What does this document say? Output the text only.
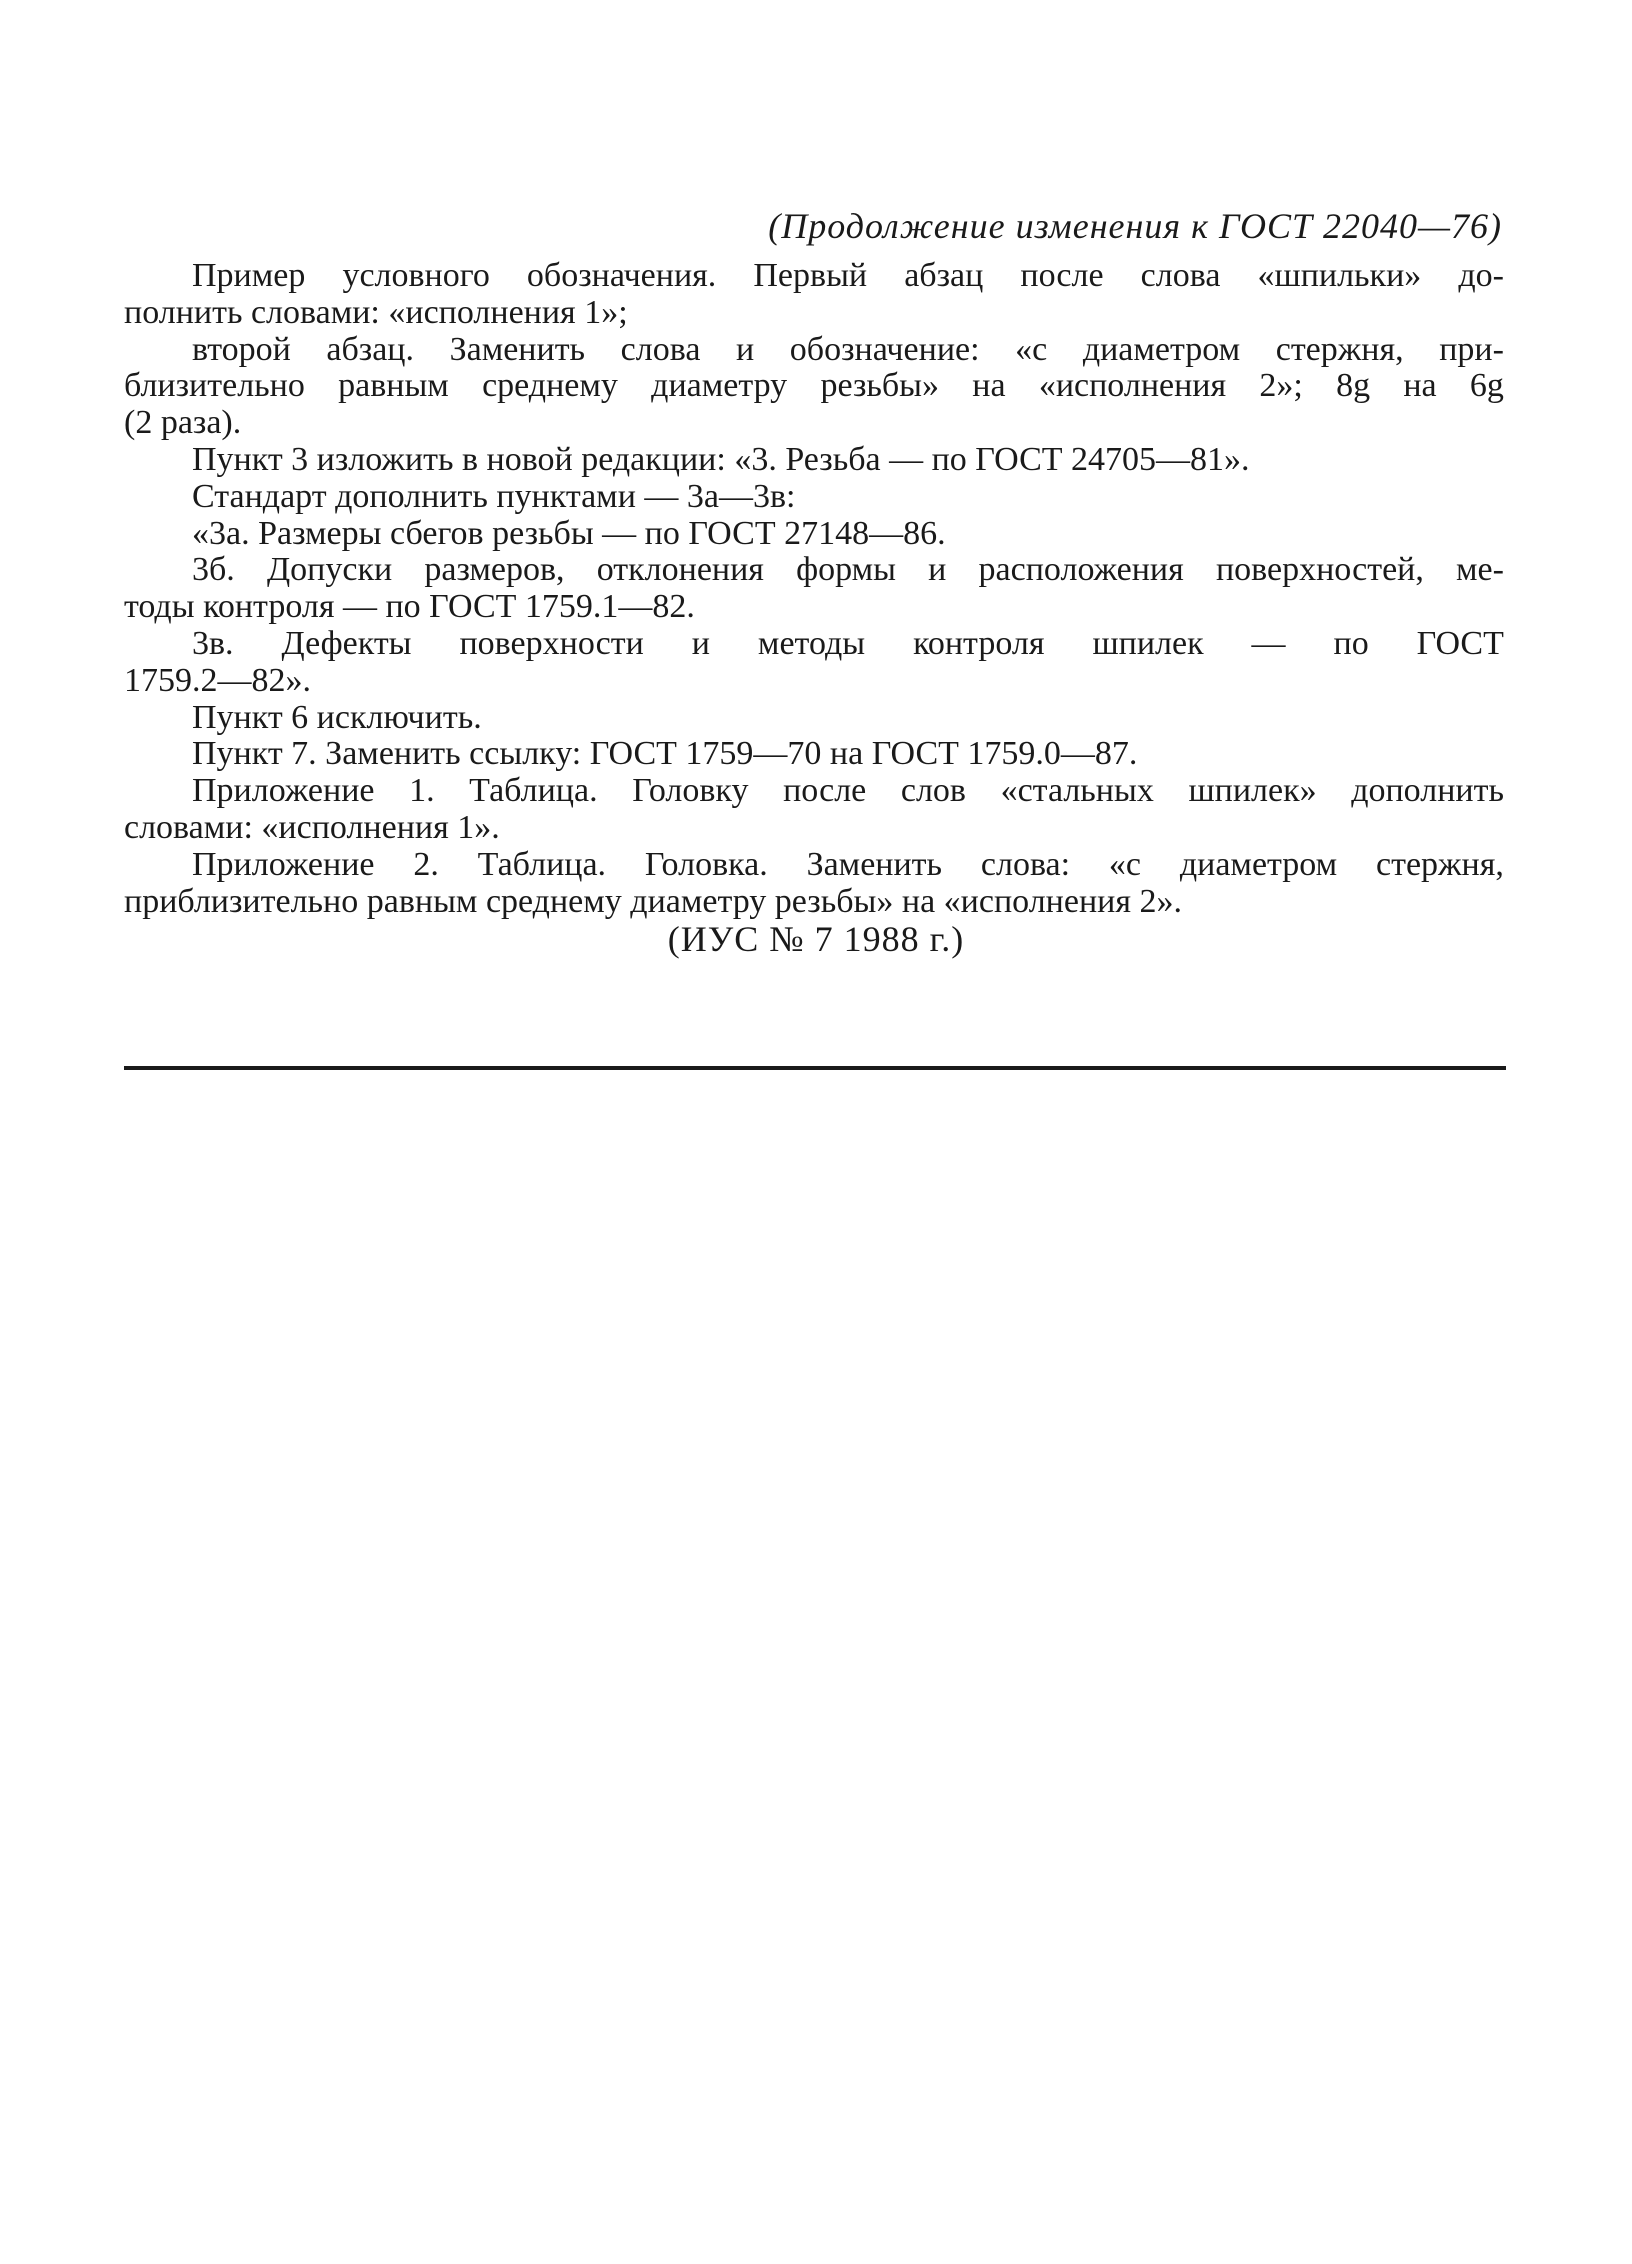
(Продолжение изменения к ГОСТ 22040—76)
Пример условного обозначения. Первый абзац после слова «шпильки» до-
полнить словами: «исполнения 1»;
второй абзац. Заменить слова и обозначение: «с диаметром стержня, при-
близительно равным среднему диаметру резьбы» на «исполнения 2»; 8g на 6g
(2 раза).
Пункт 3 изложить в новой редакции: «3. Резьба — по ГОСТ 24705—81».
Стандарт дополнить пунктами — 3а—3в:
«3а. Размеры сбегов резьбы — по ГОСТ 27148—86.
3б. Допуски размеров, отклонения формы и расположения поверхностей, ме-
тоды контроля — по ГОСТ 1759.1—82.
3в. Дефекты поверхности и методы контроля шпилек — по ГОСТ
1759.2—82».
Пункт 6 исключить.
Пункт 7. Заменить ссылку: ГОСТ 1759—70 на ГОСТ 1759.0—87.
Приложение 1. Таблица. Головку после слов «стальных шпилек» дополнить
словами: «исполнения 1».
Приложение 2. Таблица. Головка. Заменить слова: «с диаметром стержня,
приблизительно равным среднему диаметру резьбы» на «исполнения 2».
(ИУС № 7 1988 г.)
